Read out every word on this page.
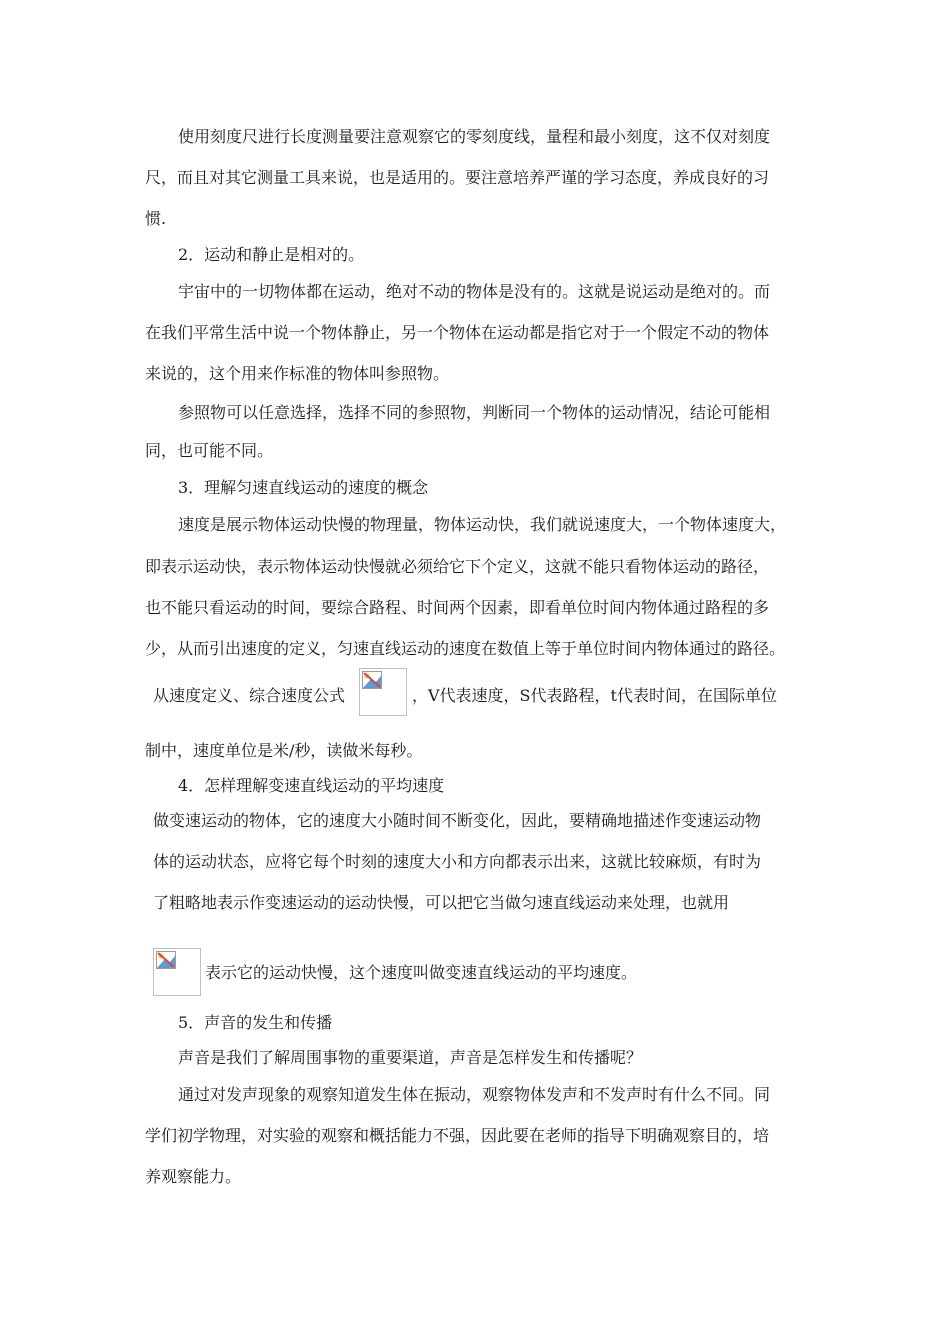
使用刻度尺进行长度测量要注意观察它的零刻度线，量程和最小刻度，这不仅对刻度
尺，而且对其它测量工具来说，也是适用的。要注意培养严谨的学习态度，养成良好的习
惯.
2．运动和静止是相对的。
宇宙中的一切物体都在运动，绝对不动的物体是没有的。这就是说运动是绝对的。而
在我们平常生活中说一个物体静止，另一个物体在运动都是指它对于一个假定不动的物体
来说的，这个用来作标准的物体叫参照物。
参照物可以任意选择，选择不同的参照物，判断同一个物体的运动情况，结论可能相
同，也可能不同。
3．理解匀速直线运动的速度的概念
速度是展示物体运动快慢的物理量，物体运动快，我们就说速度大，一个物体速度大，
即表示运动快，表示物体运动快慢就必须给它下个定义，这就不能只看物体运动的路径，
也不能只看运动的时间，要综合路程、时间两个因素，即看单位时间内物体通过路程的多
少，从而引出速度的定义，匀速直线运动的速度在数值上等于单位时间内物体通过的路径。
从速度定义、综合速度公式	，V代表速度，S代表路程，t代表时间，在国际单位
制中，速度单位是米/秒，读做米每秒。
4．怎样理解变速直线运动的平均速度
做变速运动的物体，它的速度大小随时间不断变化，因此，要精确地描述作变速运动物
体的运动状态，应将它每个时刻的速度大小和方向都表示出来，这就比较麻烦，有时为
了粗略地表示作变速运动的运动快慢，可以把它当做匀速直线运动来处理，也就用
表示它的运动快慢，这个速度叫做变速直线运动的平均速度。
5．声音的发生和传播
声音是我们了解周围事物的重要渠道，声音是怎样发生和传播呢？
通过对发声现象的观察知道发生体在振动，观察物体发声和不发声时有什么不同。同
学们初学物理，对实验的观察和概括能力不强，因此要在老师的指导下明确观察目的，培
养观察能力。
